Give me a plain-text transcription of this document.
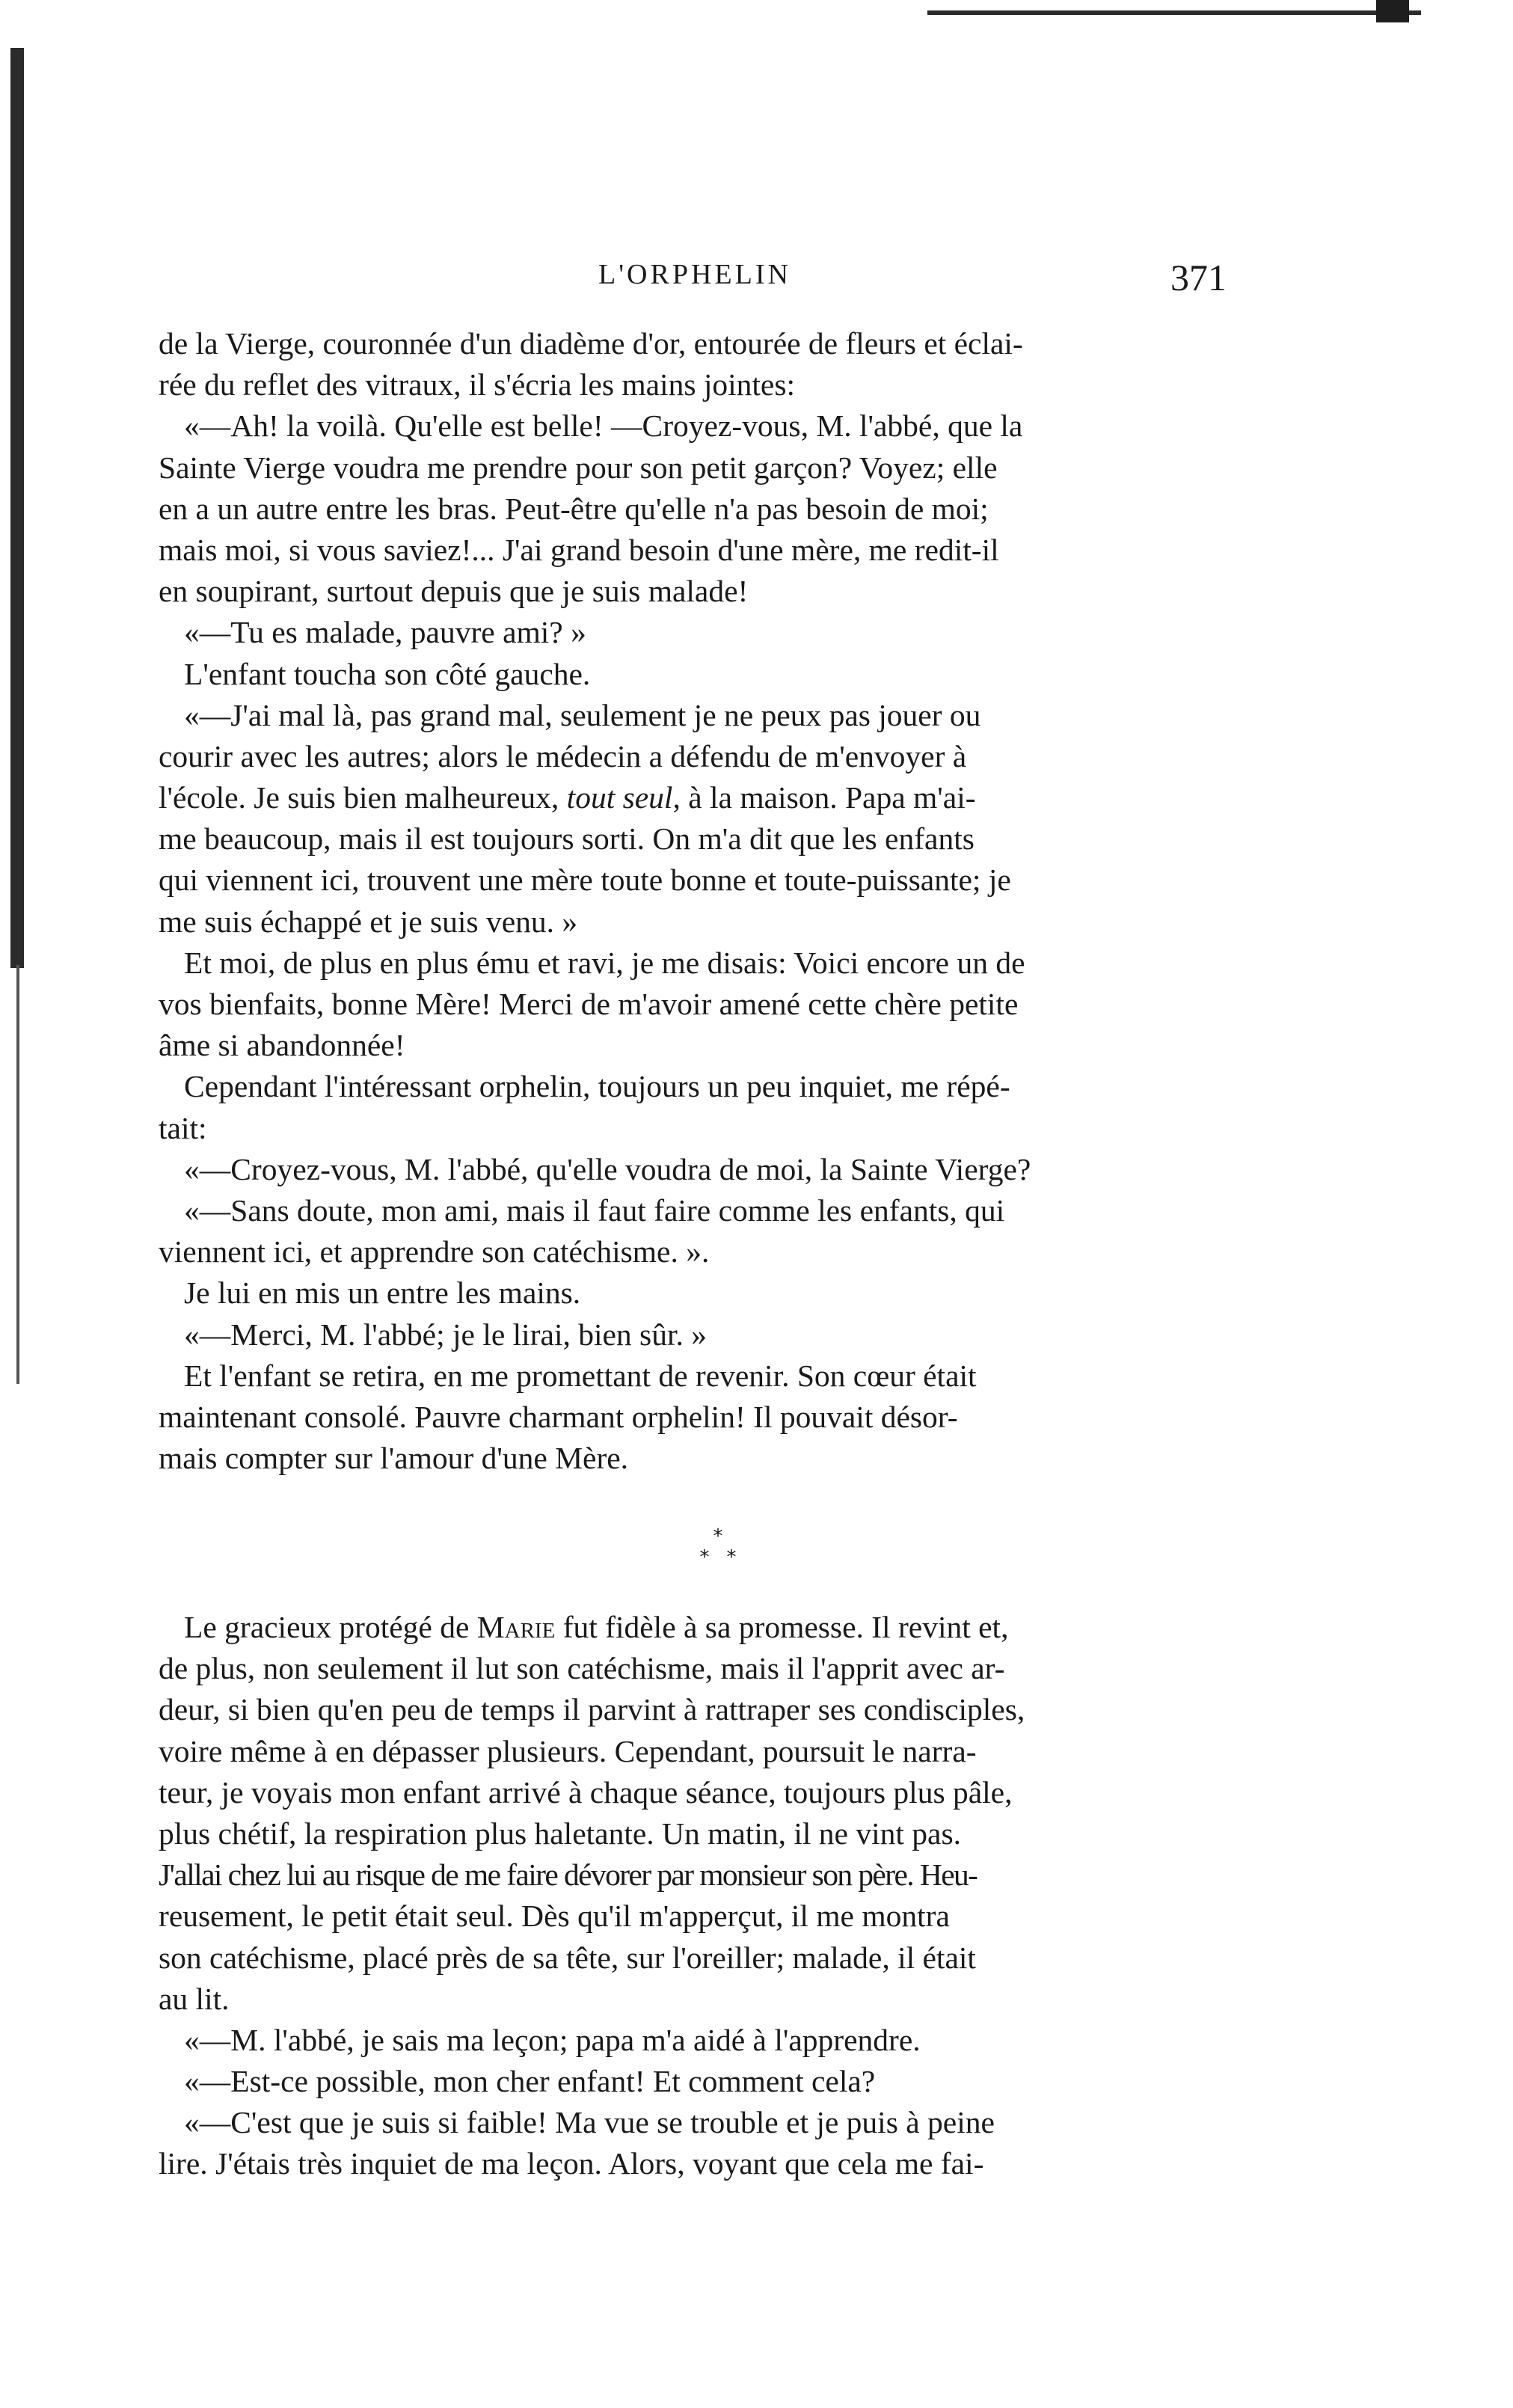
L'ORPHELIN	371
de la Vierge, couronnée d'un diadème d'or, entourée de fleurs et éclai-
rée du reflet des vitraux, il s'écria les mains jointes:
«—Ah! la voilà. Qu'elle est belle! —Croyez-vous, M. l'abbé, que la
Sainte Vierge voudra me prendre pour son petit garçon? Voyez; elle
en a un autre entre les bras. Peut-être qu'elle n'a pas besoin de moi;
mais moi, si vous saviez!... J'ai grand besoin d'une mère, me redit-il
en soupirant, surtout depuis que je suis malade!
«—Tu es malade, pauvre ami? »
L'enfant toucha son côté gauche.
«—J'ai mal là, pas grand mal, seulement je ne peux pas jouer ou
courir avec les autres; alors le médecin a défendu de m'envoyer à
l'école. Je suis bien malheureux, tout seul, à la maison. Papa m'ai-
me beaucoup, mais il est toujours sorti. On m'a dit que les enfants
qui viennent ici, trouvent une mère toute bonne et toute-puissante; je
me suis échappé et je suis venu. »
Et moi, de plus en plus ému et ravi, je me disais: Voici encore un de
vos bienfaits, bonne Mère! Merci de m'avoir amené cette chère petite
âme si abandonnée!
Cependant l'intéressant orphelin, toujours un peu inquiet, me répé-
tait:
«—Croyez-vous, M. l'abbé, qu'elle voudra de moi, la Sainte Vierge?
«—Sans doute, mon ami, mais il faut faire comme les enfants, qui
viennent ici, et apprendre son catéchisme. ».
Je lui en mis un entre les mains.
«—Merci, M. l'abbé; je le lirai, bien sûr. »
Et l'enfant se retira, en me promettant de revenir. Son cœur était
maintenant consolé. Pauvre charmant orphelin! Il pouvait désor-
mais compter sur l'amour d'une Mère.
*
* *
Le gracieux protégé de Marie fut fidèle à sa promesse. Il revint et,
de plus, non seulement il lut son catéchisme, mais il l'apprit avec ar-
deur, si bien qu'en peu de temps il parvint à rattraper ses condisciples,
voire même à en dépasser plusieurs. Cependant, poursuit le narra-
teur, je voyais mon enfant arrivé à chaque séance, toujours plus pâle,
plus chétif, la respiration plus haletante. Un matin, il ne vint pas.
J'allai chez lui au risque de me faire dévorer par monsieur son père. Heu-
reusement, le petit était seul. Dès qu'il m'apperçut, il me montra
son catéchisme, placé près de sa tête, sur l'oreiller; malade, il était
au lit.
«—M. l'abbé, je sais ma leçon; papa m'a aidé à l'apprendre.
«—Est-ce possible, mon cher enfant! Et comment cela?
«—C'est que je suis si faible! Ma vue se trouble et je puis à peine
lire. J'étais très inquiet de ma leçon. Alors, voyant que cela me fai-
